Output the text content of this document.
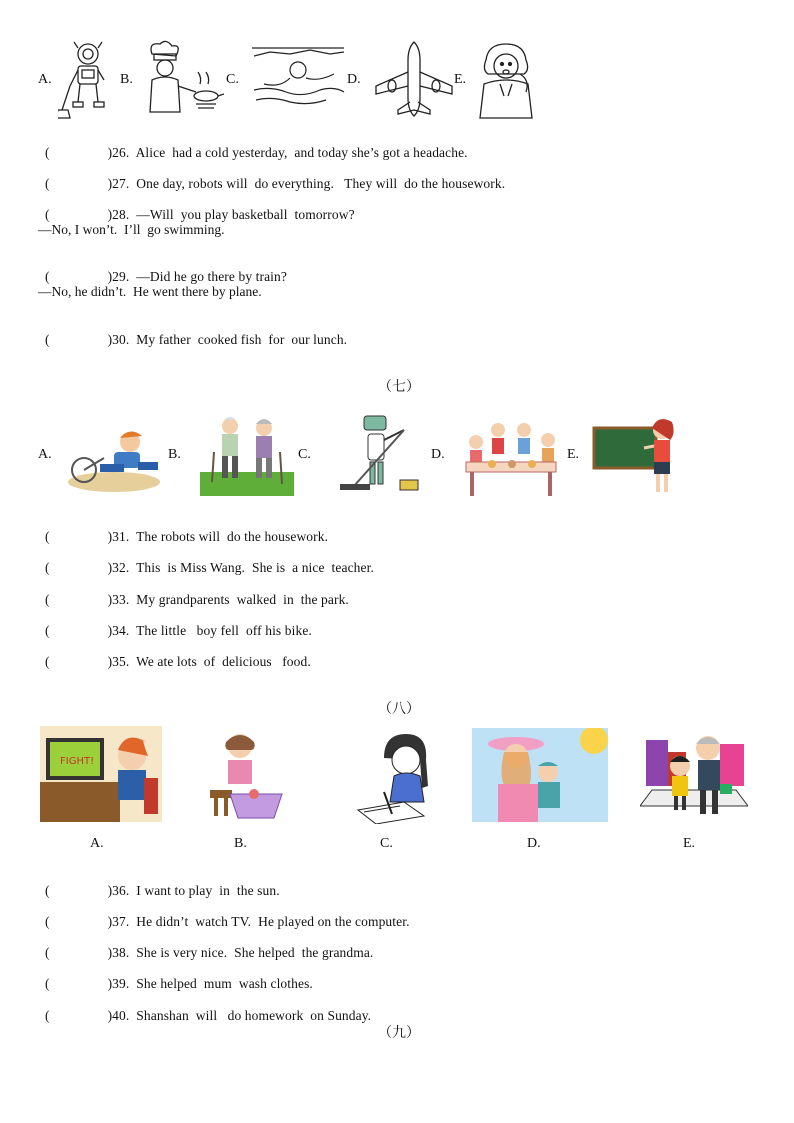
A.	B.	C.	D.	E.

(	)26. Alice  had a cold yesterday,  and today she’s got a headache.

(	)27. One day, robots will  do everything.   They will  do the housework.

(	)28. —Will  you play basketball  tomorrow?

—No, I won’t.  I’ll  go swimming.

(	)29. —Did he go there by train?

—No, he didn’t.  He went there by plane.

(	)30. My father  cooked fish  for  our lunch.

（七）
A.	B.	C.	D.	E.

(	)31. The robots will  do the housework.

(	)32. This  is Miss Wang.  She is  a nice  teacher.

(	)33. My grandparents  walked  in  the park.

(	)34. The little   boy fell  off his bike.

(	)35. We ate lots  of  delicious   food.

（八）
FIGHT!
A.	B.	C.	D.	E.

(	)36. I want to play  in  the sun.

(	)37. He didn’t  watch TV.  He played on the computer.

(	)38. She is very nice.  She helped  the grandma.

(	)39. She helped  mum  wash clothes.

(	)40. Shanshan  will   do homework  on Sunday.

（九）
